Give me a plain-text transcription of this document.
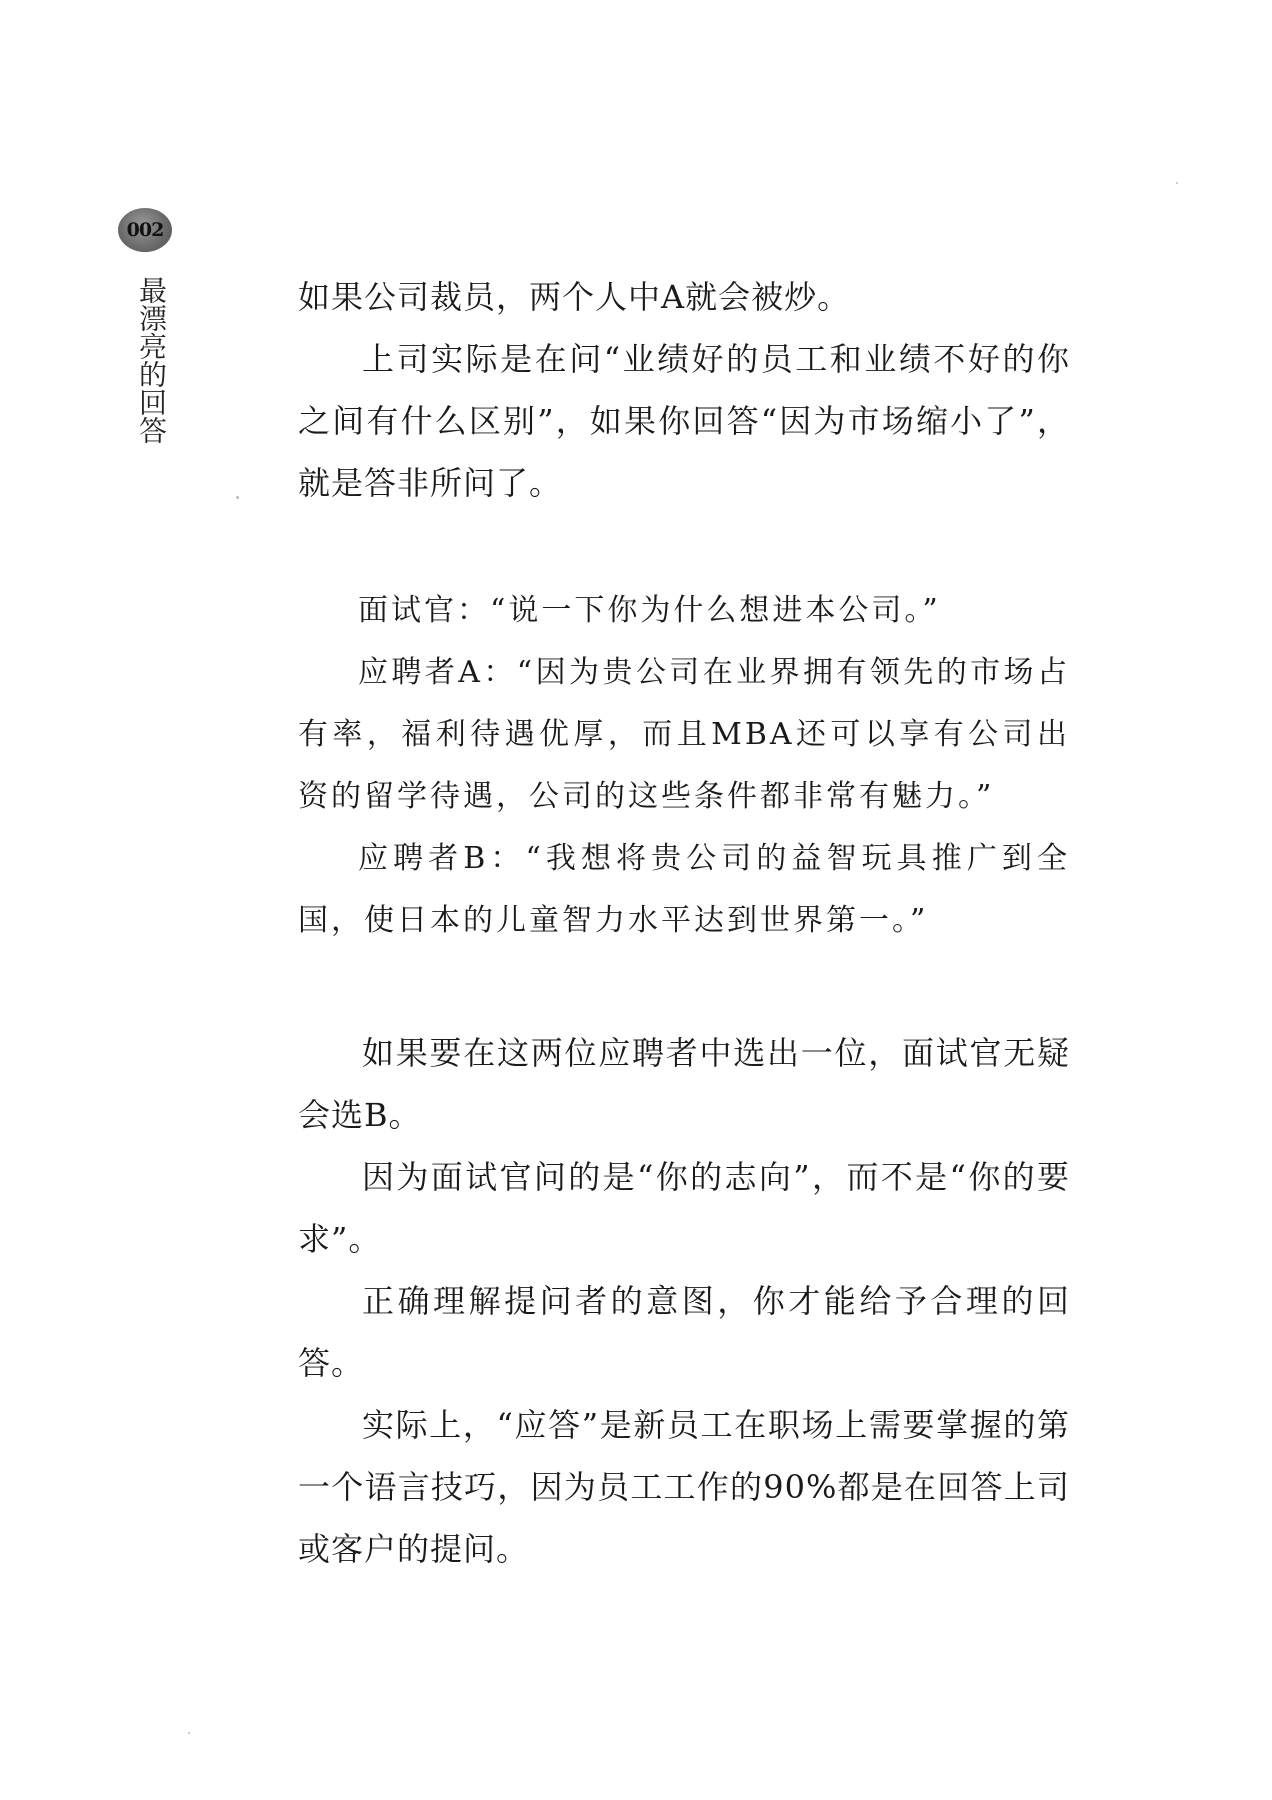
002
最漂亮的回答	如果公司裁员，两个人中A就会被炒。

上司实际是在问“业绩好的员工和业绩不好的你之间有什么区别”，如果你回答“因为市场缩小了”，就是答非所问了。

面试官：“说一下你为什么想进本公司。”

应聘者A：“因为贵公司在业界拥有领先的市场占有率，福利待遇优厚，而且MBA还可以享有公司出资的留学待遇，公司的这些条件都非常有魅力。”

应聘者B：“我想将贵公司的益智玩具推广到全国，使日本的儿童智力水平达到世界第一。”

如果要在这两位应聘者中选出一位，面试官无疑会选B。

因为面试官问的是“你的志向”，而不是“你的要求”。

正确理解提问者的意图，你才能给予合理的回答。

实际上，“应答”是新员工在职场上需要掌握的第一个语言技巧，因为员工工作的90%都是在回答上司或客户的提问。
